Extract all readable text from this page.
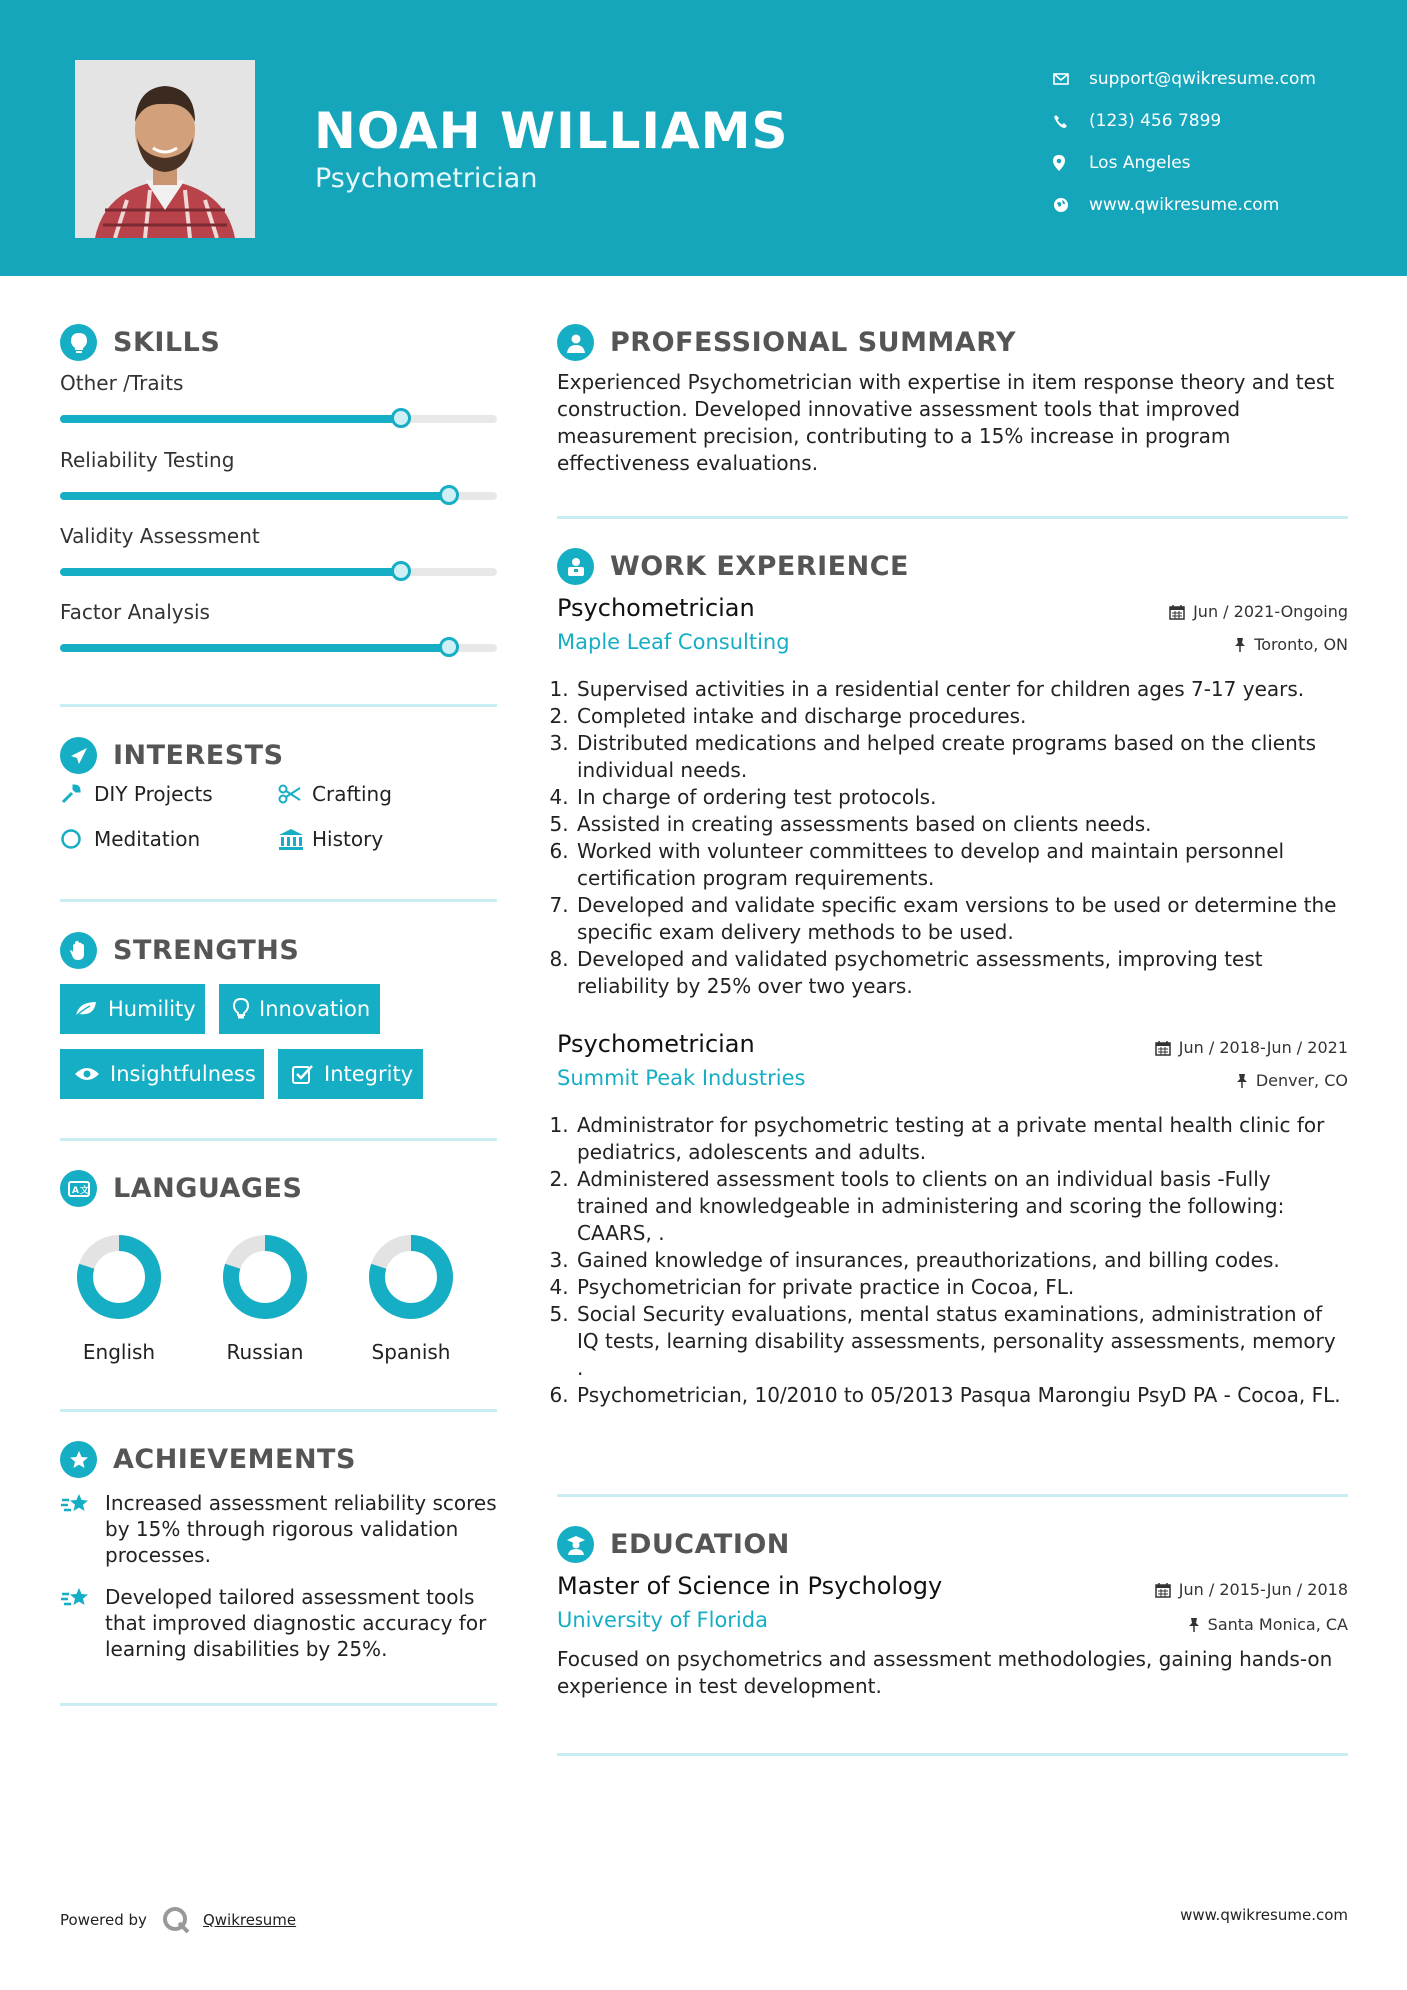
NOAH WILLIAMS
Psychometrician
support@qwikresume.com
(123) 456 7899
Los Angeles
www.qwikresume.com
SKILLS
Other /Traits
Reliability Testing
Validity Assessment
Factor Analysis
INTERESTS
DIY Projects	Crafting
Meditation	History
STRENGTHS
Humility	Innovation
Insightfulness	Integrity
A 文 LANGUAGES
English	Russian	Spanish
ACHIEVEMENTS
Increased assessment reliability scores by 15% through rigorous validation processes.
Developed tailored assessment tools that improved diagnostic accuracy for learning disabilities by 25%.
PROFESSIONAL SUMMARY

Experienced Psychometrician with expertise in item response theory and test construction. Developed innovative assessment tools that improved measurement precision, contributing to a 15% increase in program effectiveness evaluations.

WORK EXPERIENCE
Psychometrician
Maple Leaf Consulting
Jun / 2021-Ongoing
Toronto, ON
1. Supervised activities in a residential center for children ages 7-17 years.
2. Completed intake and discharge procedures.
3. Distributed medications and helped create programs based on the clients individual needs.
4. In charge of ordering test protocols.
5. Assisted in creating assessments based on clients needs.
6. Worked with volunteer committees to develop and maintain personnel certification program requirements.
7. Developed and validate specific exam versions to be used or determine the specific exam delivery methods to be used.
8. Developed and validated psychometric assessments, improving test reliability by 25% over two years.
Psychometrician
Summit Peak Industries
Jun / 2018-Jun / 2021
Denver, CO
1. Administrator for psychometric testing at a private mental health clinic for pediatrics, adolescents and adults.
2. Administered assessment tools to clients on an individual basis -Fully trained and knowledgeable in administering and scoring the following: CAARS, .
3. Gained knowledge of insurances, preauthorizations, and billing codes.
4. Psychometrician for private practice in Cocoa, FL.
5. Social Security evaluations, mental status examinations, administration of IQ tests, learning disability assessments, personality assessments, memory .
6. Psychometrician, 10/2010 to 05/2013 Pasqua Marongiu PsyD PA - Cocoa, FL.
EDUCATION
Master of Science in Psychology
University of Florida
Jun / 2015-Jun / 2018
Santa Monica, CA

Focused on psychometrics and assessment methodologies, gaining hands-on experience in test development.

Powered by	Qwikresume	www.qwikresume.com
